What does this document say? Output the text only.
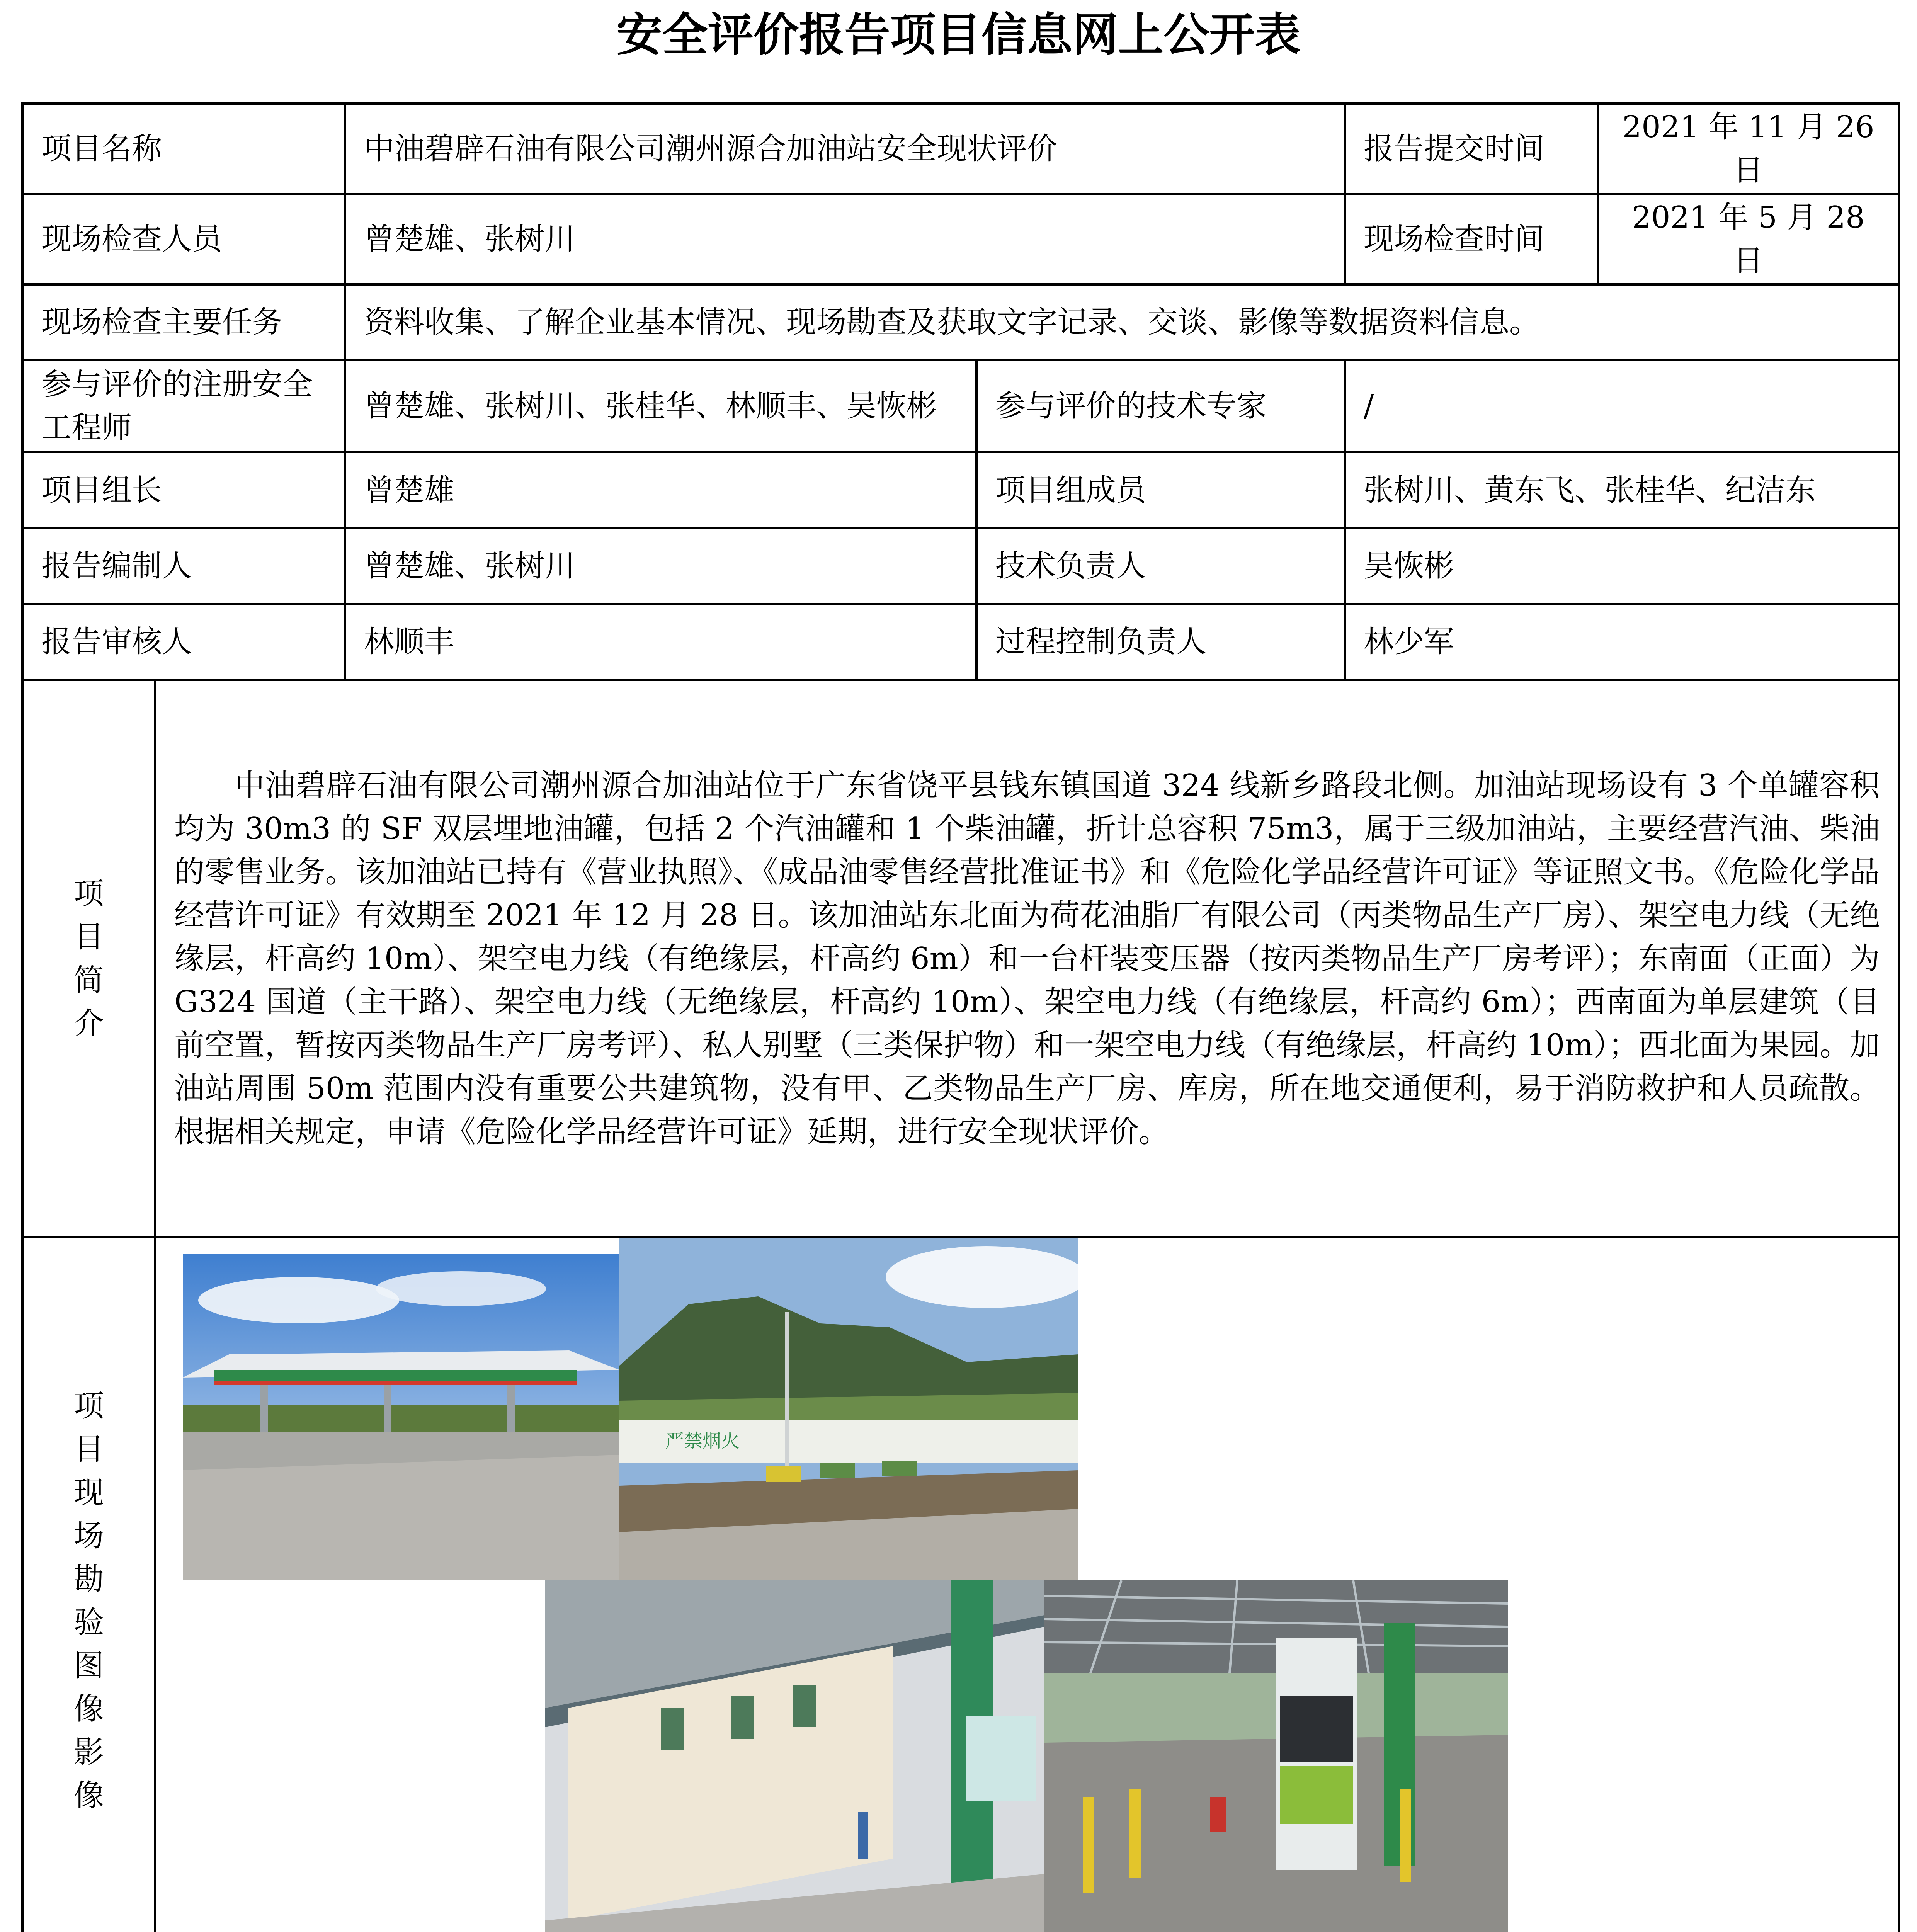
安全评价报告项目信息网上公开表
项目名称	中油碧辟石油有限公司潮州源合加油站安全现状评价	报告提交时间	2021 年 11 月 26 日
现场检查人员	曾楚雄、张树川	现场检查时间	2021 年 5 月 28 日
现场检查主要任务	资料收集、了解企业基本情况、现场勘查及获取文字记录、交谈、影像等数据资料信息。
参与评价的注册安全工程师	曾楚雄、张树川、张桂华、林顺丰、吴恢彬	参与评价的技术专家	/
项目组长	曾楚雄	项目组成员	张树川、黄东飞、张桂华、纪洁东
报告编制人	曾楚雄、张树川	技术负责人	吴恢彬
报告审核人	林顺丰	过程控制负责人	林少军

项目简介
	中油碧辟石油有限公司潮州源合加油站位于广东省饶平县钱东镇国道 324 线新乡路段北侧。加油站现场设有 3 个单罐容积均为 30m3 的 SF 双层埋地油罐，包括 2 个汽油罐和 1 个柴油罐，折计总容积 75m3，属于三级加油站，主要经营汽油、柴油的零售业务。该加油站已持有《营业执照》、《成品油零售经营批准证书》和《危险化学品经营许可证》等证照文书。《危险化学品经营许可证》有效期至 2021 年 12 月 28 日。该加油站东北面为荷花油脂厂有限公司（丙类物品生产厂房）、架空电力线（无绝缘层，杆高约 10m）、架空电力线（有绝缘层，杆高约 6m）和一台杆装变压器（按丙类物品生产厂房考评）；东南面（正面）为 G324 国道（主干路）、架空电力线（无绝缘层，杆高约 10m）、架空电力线（有绝缘层，杆高约 6m）；西南面为单层建筑（目前空置，暂按丙类物品生产厂房考评）、私人别墅（三类保护物）和一架空电力线（有绝缘层，杆高约 10m）；西北面为果园。加油站周围 50m 范围内没有重要公共建筑物，没有甲、乙类物品生产厂房、库房，所在地交通便利，易于消防救护和人员疏散。根据相关规定，申请《危险化学品经营许可证》延期，进行安全现状评价。

项目现场勘验图像影像

严禁烟火
